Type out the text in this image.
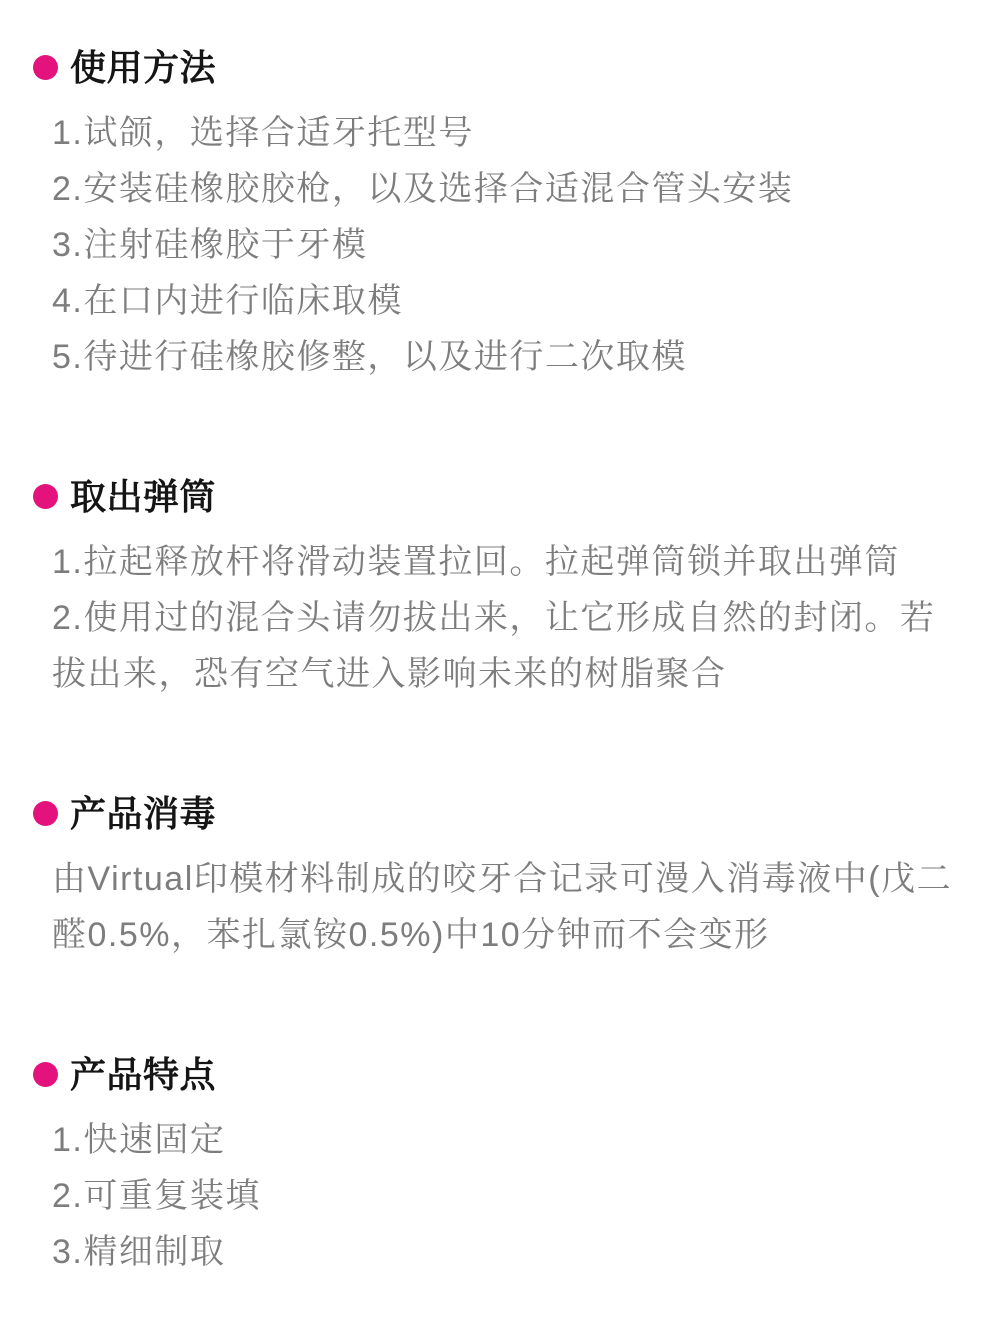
使用方法

1.试颌，选择合适牙托型号

2.安装硅橡胶胶枪，以及选择合适混合管头安装

3.注射硅橡胶于牙模

4.在口内进行临床取模

5.待进行硅橡胶修整，以及进行二次取模

取出弹筒

1.拉起释放杆将滑动装置拉回。拉起弹筒锁并取出弹筒

2.使用过的混合头请勿拔出来，让它形成自然的封闭。若

拔出来，恐有空气进入影响未来的树脂聚合

产品消毒

由Virtual印模材料制成的咬牙合记录可漫入消毒液中(戊二

醛0.5%，苯扎氯铵0.5%)中10分钟而不会变形

产品特点

1.快速固定

2.可重复装填

3.精细制取
